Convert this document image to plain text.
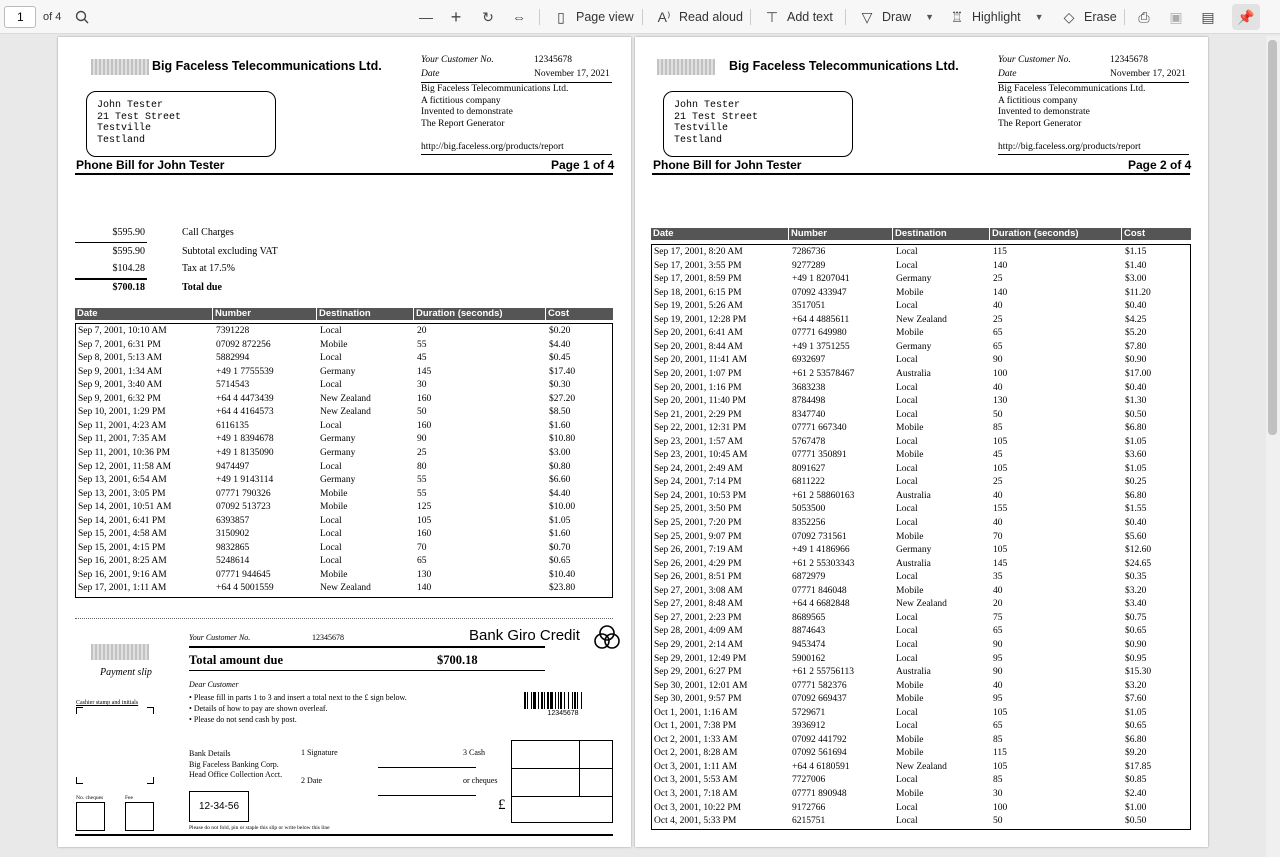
1	of 4	— + ↻ ⇔	▯ Page view A⁾ Read aloud ⊤ Add text ▽ Draw ▼ ♖ Highlight ▼ ◇ Erase ⎙ ▣ ▤	📌
Big Faceless Telecommunications Ltd.	Your Customer No.	12345678
Date	November 17, 2021
Big Faceless Telecommunications Ltd.
A fictitious company
Invented to demonstrate
The Report Generator
http://big.faceless.org/products/report
John Tester
21 Test Street
Testville
Testland
Phone Bill for John Tester	Page 1 of 4
$595.90	Call Charges
$595.90	Subtotal excluding VAT
$104.28	Tax at 17.5%
$700.18	Total due
Date	Number	Destination	Duration (seconds)	Cost
Sep 7, 2001, 10:10 AM	7391228	Local	20	$0.20
Sep 7, 2001, 6:31 PM	07092 872256	Mobile	55	$4.40
Sep 8, 2001, 5:13 AM	5882994	Local	45	$0.45
Sep 9, 2001, 1:34 AM	+49 1 7755539	Germany	145	$17.40
Sep 9, 2001, 3:40 AM	5714543	Local	30	$0.30
Sep 9, 2001, 6:32 PM	+64 4 4473439	New Zealand	160	$27.20
Sep 10, 2001, 1:29 PM	+64 4 4164573	New Zealand	50	$8.50
Sep 11, 2001, 4:23 AM	6116135	Local	160	$1.60
Sep 11, 2001, 7:35 AM	+49 1 8394678	Germany	90	$10.80
Sep 11, 2001, 10:36 PM	+49 1 8135090	Germany	25	$3.00
Sep 12, 2001, 11:58 AM	9474497	Local	80	$0.80
Sep 13, 2001, 6:54 AM	+49 1 9143114	Germany	55	$6.60
Sep 13, 2001, 3:05 PM	07771 790326	Mobile	55	$4.40
Sep 14, 2001, 10:51 AM	07092 513723	Mobile	125	$10.00
Sep 14, 2001, 6:41 PM	6393857	Local	105	$1.05
Sep 15, 2001, 4:58 AM	3150902	Local	160	$1.60
Sep 15, 2001, 4:15 PM	9832865	Local	70	$0.70
Sep 16, 2001, 8:25 AM	5248614	Local	65	$0.65
Sep 16, 2001, 9:16 AM	07771 944645	Mobile	130	$10.40
Sep 17, 2001, 1:11 AM	+64 4 5001559	New Zealand	140	$23.80
Payment slip
Cashier stamp and initials
No. cheques	Fee
Your Customer No.	12345678	Bank Giro Credit
Total amount due	$700.18
Dear Customer
• Please fill in parts 1 to 3 and insert a total next to the £ sign below.
• Details of how to pay are shown overleaf.
• Please do not send cash by post.
12345678
Bank Details
Big Faceless Banking Corp.
Head Office Collection Acct.
1 Signature
2 Date
3 Cash
or cheques
£
12-34-56
Please do not fold, pin or staple this slip or write below this line
Big Faceless Telecommunications Ltd.	Your Customer No.	12345678
Date	November 17, 2021
Big Faceless Telecommunications Ltd.
A fictitious company
Invented to demonstrate
The Report Generator
http://big.faceless.org/products/report
John Tester
21 Test Street
Testville
Testland
Phone Bill for John Tester	Page 2 of 4
Date	Number	Destination	Duration (seconds)	Cost
Sep 17, 2001, 8:20 AM	7286736	Local	115	$1.15
Sep 17, 2001, 3:55 PM	9277289	Local	140	$1.40
Sep 17, 2001, 8:59 PM	+49 1 8207041	Germany	25	$3.00
Sep 18, 2001, 6:15 PM	07092 433947	Mobile	140	$11.20
Sep 19, 2001, 5:26 AM	3517051	Local	40	$0.40
Sep 19, 2001, 12:28 PM	+64 4 4885611	New Zealand	25	$4.25
Sep 20, 2001, 6:41 AM	07771 649980	Mobile	65	$5.20
Sep 20, 2001, 8:44 AM	+49 1 3751255	Germany	65	$7.80
Sep 20, 2001, 11:41 AM	6932697	Local	90	$0.90
Sep 20, 2001, 1:07 PM	+61 2 53578467	Australia	100	$17.00
Sep 20, 2001, 1:16 PM	3683238	Local	40	$0.40
Sep 20, 2001, 11:40 PM	8784498	Local	130	$1.30
Sep 21, 2001, 2:29 PM	8347740	Local	50	$0.50
Sep 22, 2001, 12:31 PM	07771 667340	Mobile	85	$6.80
Sep 23, 2001, 1:57 AM	5767478	Local	105	$1.05
Sep 23, 2001, 10:45 AM	07771 350891	Mobile	45	$3.60
Sep 24, 2001, 2:49 AM	8091627	Local	105	$1.05
Sep 24, 2001, 7:14 PM	6811222	Local	25	$0.25
Sep 24, 2001, 10:53 PM	+61 2 58860163	Australia	40	$6.80
Sep 25, 2001, 3:50 PM	5053500	Local	155	$1.55
Sep 25, 2001, 7:20 PM	8352256	Local	40	$0.40
Sep 25, 2001, 9:07 PM	07092 731561	Mobile	70	$5.60
Sep 26, 2001, 7:19 AM	+49 1 4186966	Germany	105	$12.60
Sep 26, 2001, 4:29 PM	+61 2 55303343	Australia	145	$24.65
Sep 26, 2001, 8:51 PM	6872979	Local	35	$0.35
Sep 27, 2001, 3:08 AM	07771 846048	Mobile	40	$3.20
Sep 27, 2001, 8:48 AM	+64 4 6682848	New Zealand	20	$3.40
Sep 27, 2001, 2:23 PM	8689565	Local	75	$0.75
Sep 28, 2001, 4:09 AM	8874643	Local	65	$0.65
Sep 29, 2001, 2:14 AM	9453474	Local	90	$0.90
Sep 29, 2001, 12:49 PM	5900162	Local	95	$0.95
Sep 29, 2001, 6:27 PM	+61 2 55756113	Australia	90	$15.30
Sep 30, 2001, 12:01 AM	07771 582376	Mobile	40	$3.20
Sep 30, 2001, 9:57 PM	07092 669437	Mobile	95	$7.60
Oct 1, 2001, 1:16 AM	5729671	Local	105	$1.05
Oct 1, 2001, 7:38 PM	3936912	Local	65	$0.65
Oct 2, 2001, 1:33 AM	07092 441792	Mobile	85	$6.80
Oct 2, 2001, 8:28 AM	07092 561694	Mobile	115	$9.20
Oct 3, 2001, 1:11 AM	+64 4 6180591	New Zealand	105	$17.85
Oct 3, 2001, 5:53 AM	7727006	Local	85	$0.85
Oct 3, 2001, 7:18 AM	07771 890948	Mobile	30	$2.40
Oct 3, 2001, 10:22 PM	9172766	Local	100	$1.00
Oct 4, 2001, 5:33 PM	6215751	Local	50	$0.50
